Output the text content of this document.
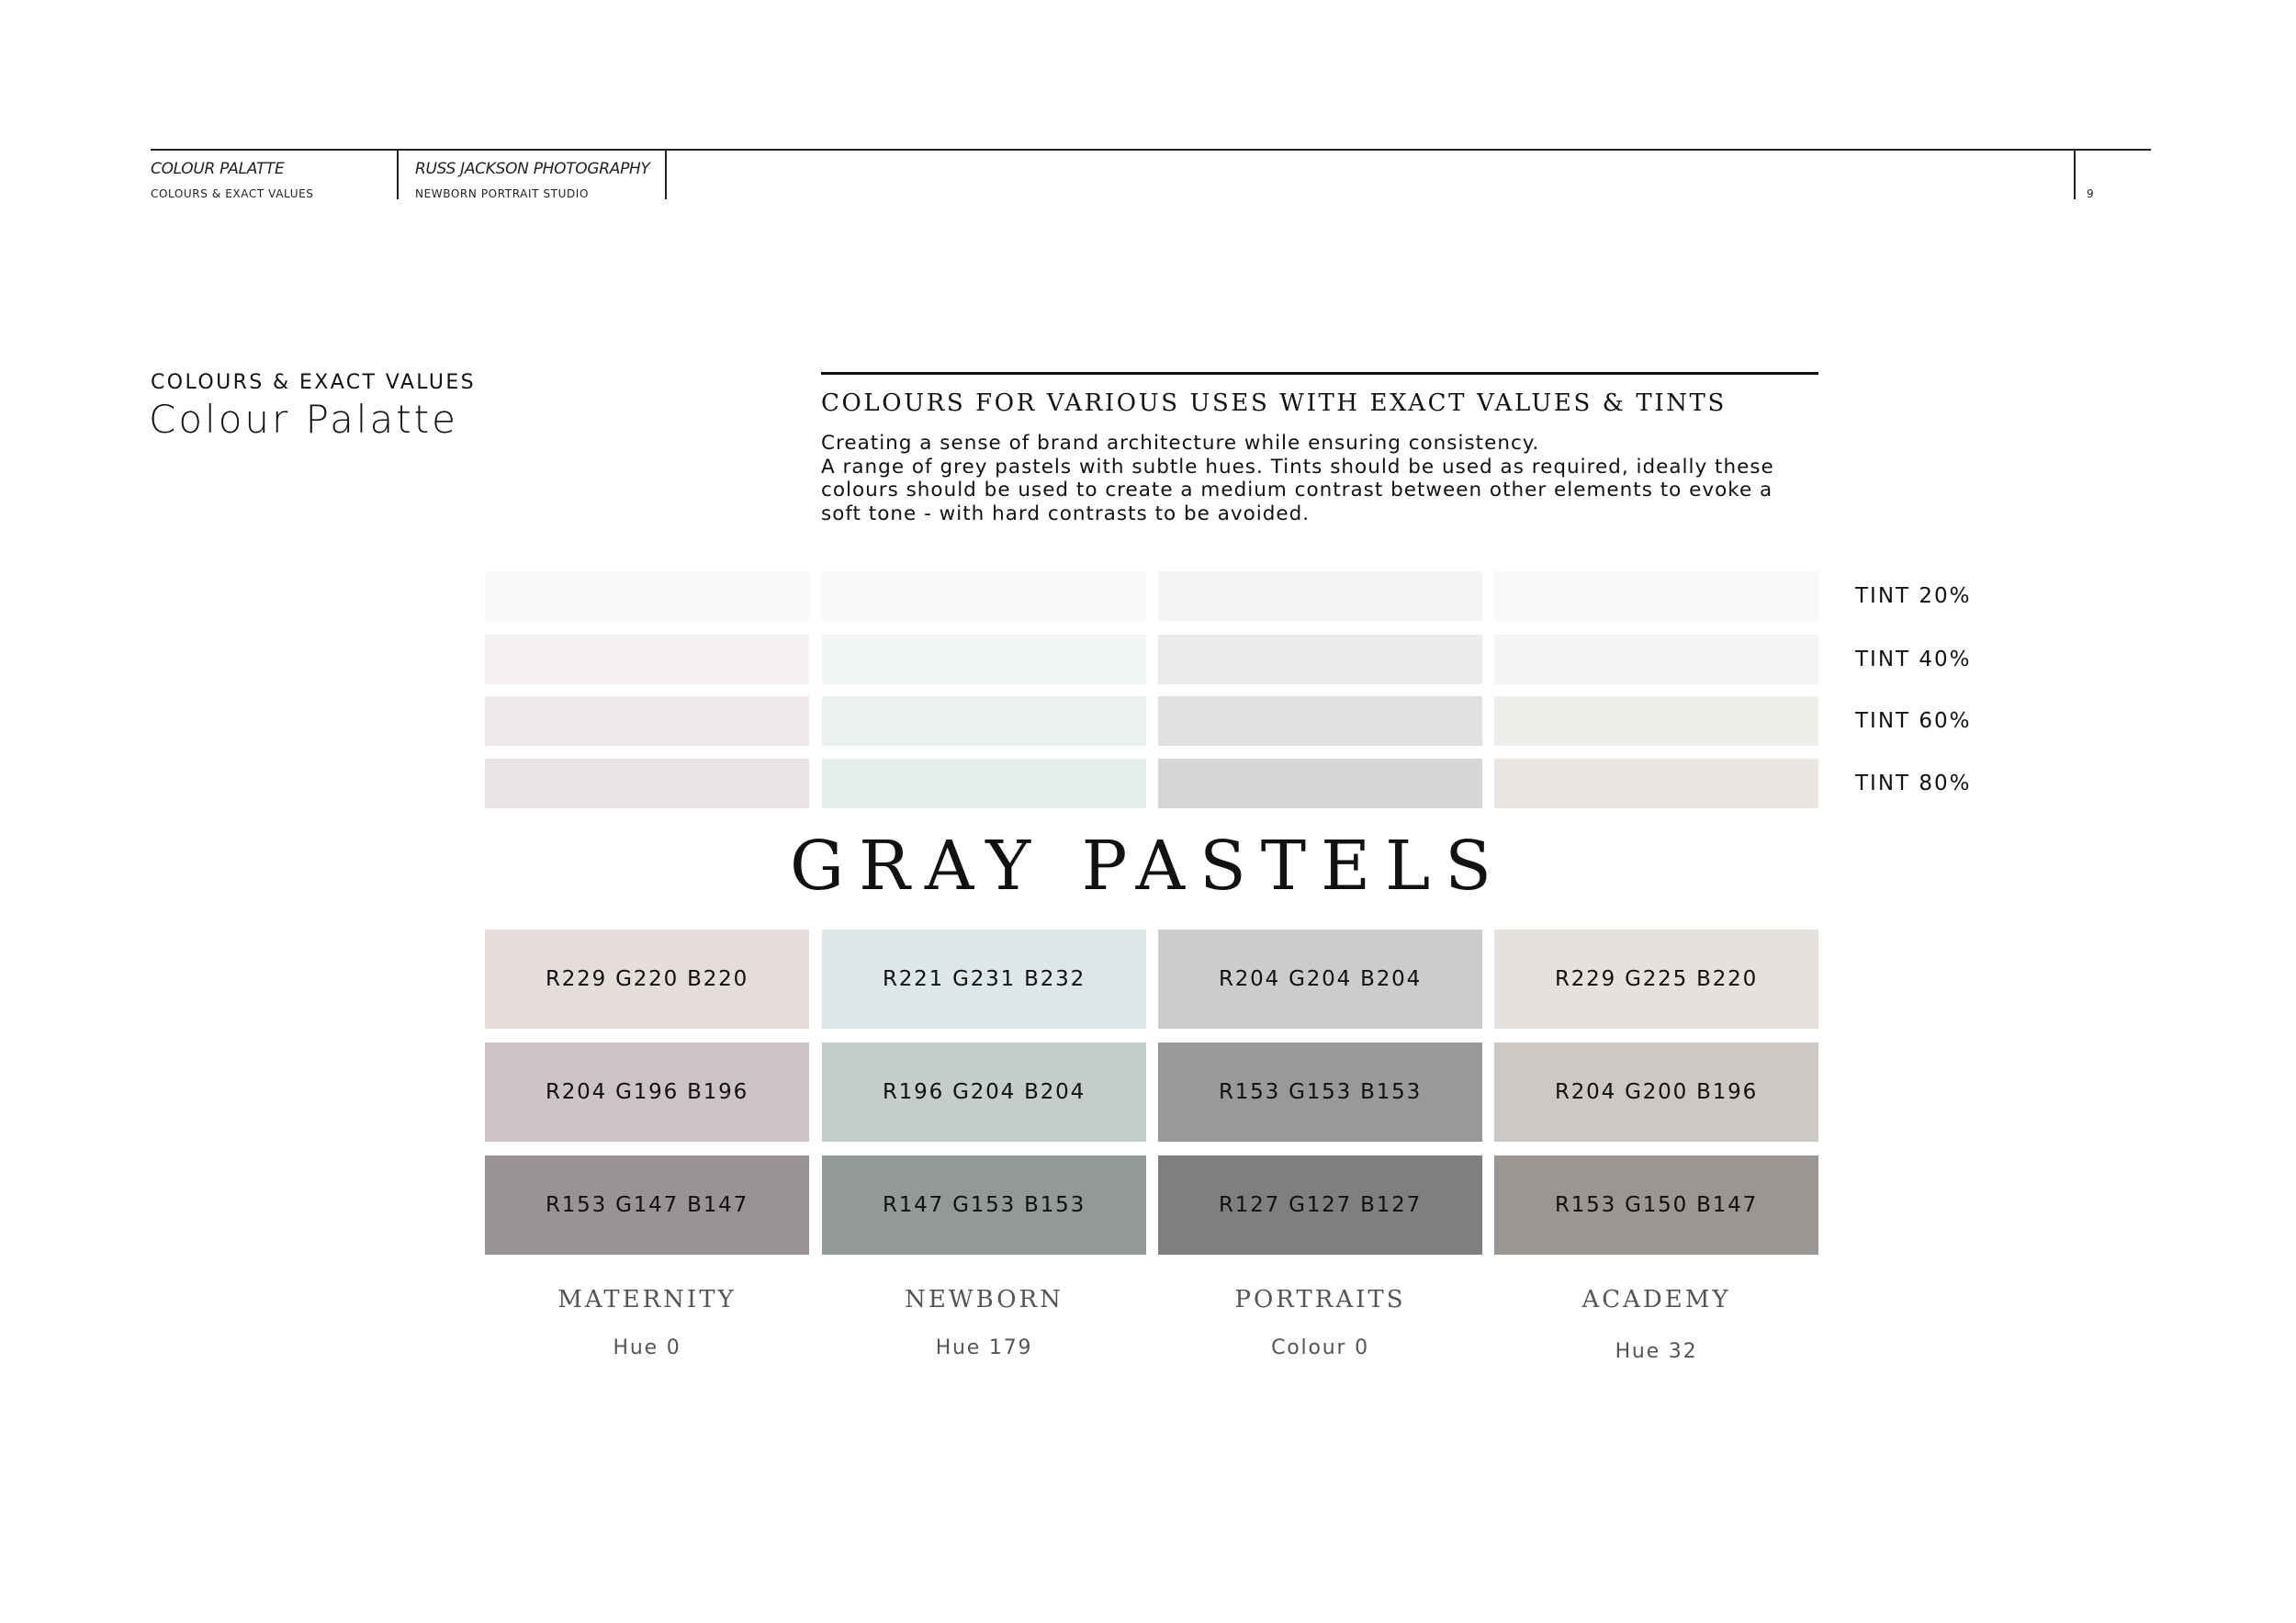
COLOUR PALATTE
COLOURS & EXACT VALUES
RUSS JACKSON PHOTOGRAPHY
NEWBORN PORTRAIT STUDIO	9
COLOURS & EXACT VALUES
Colour Palatte	COLOURS FOR VARIOUS USES WITH EXACT VALUES & TINTS

Creating a sense of brand architecture while ensuring consistency.

A range of grey pastels with subtle hues. Tints should be used as required, ideally these colours should be used to create a medium contrast between other elements to evoke a soft tone - with hard contrasts to be avoided.

TINT 20%
TINT 40%
TINT 60%
TINT 80%
GRAY PASTELS
R229 G220 B220
R204 G196 B196
R153 G147 B147
R221 G231 B232
R196 G204 B204
R147 G153 B153
R204 G204 B204
R153 G153 B153
R127 G127 B127
R229 G225 B220
R204 G200 B196
R153 G150 B147
MATERNITY
Hue 0
NEWBORN
Hue 179
PORTRAITS
Colour 0
ACADEMY
Hue 32
